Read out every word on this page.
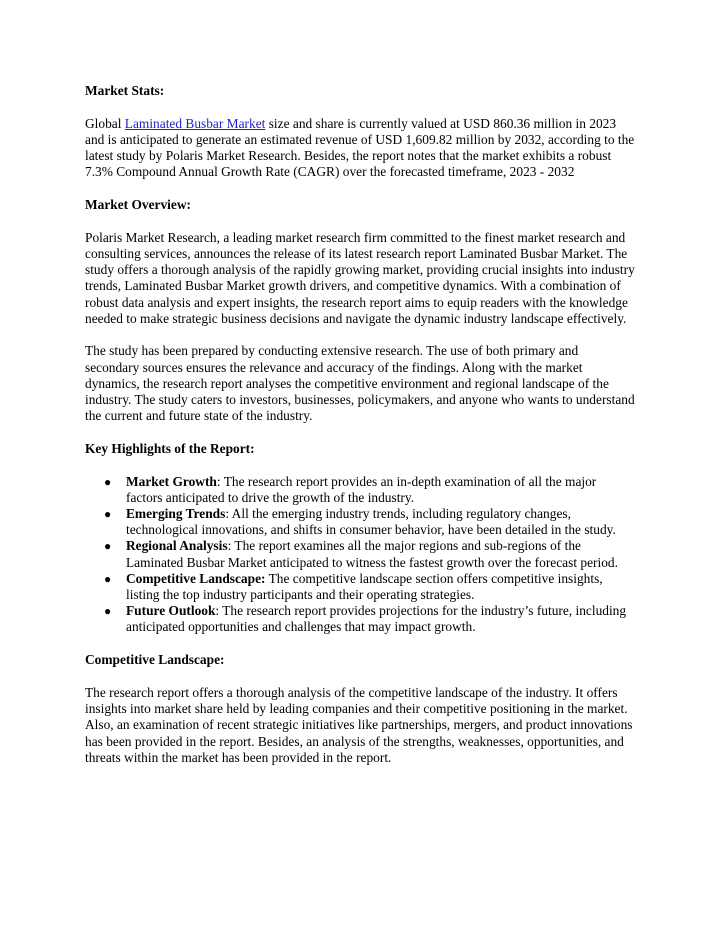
Market Stats:

Global Laminated Busbar Market size and share is currently valued at USD 860.36 million in 2023 and is anticipated to generate an estimated revenue of USD 1,609.82 million by 2032, according to the latest study by Polaris Market Research. Besides, the report notes that the market exhibits a robust 7.3% Compound Annual Growth Rate (CAGR) over the forecasted timeframe, 2023 - 2032

Market Overview:

Polaris Market Research, a leading market research firm committed to the finest market research and consulting services, announces the release of its latest research report Laminated Busbar Market. The study offers a thorough analysis of the rapidly growing market, providing crucial insights into industry trends, Laminated Busbar Market growth drivers, and competitive dynamics. With a combination of robust data analysis and expert insights, the research report aims to equip readers with the knowledge needed to make strategic business decisions and navigate the dynamic industry landscape effectively.

The study has been prepared by conducting extensive research. The use of both primary and secondary sources ensures the relevance and accuracy of the findings. Along with the market dynamics, the research report analyses the competitive environment and regional landscape of the industry. The study caters to investors, businesses, policymakers, and anyone who wants to understand the current and future state of the industry.

Key Highlights of the Report:
● Market Growth: The research report provides an in-depth examination of all the major factors anticipated to drive the growth of the industry.
● Emerging Trends: All the emerging industry trends, including regulatory changes, technological innovations, and shifts in consumer behavior, have been detailed in the study.
● Regional Analysis: The report examines all the major regions and sub-regions of the Laminated Busbar Market anticipated to witness the fastest growth over the forecast period.
● Competitive Landscape: The competitive landscape section offers competitive insights, listing the top industry participants and their operating strategies.
● Future Outlook: The research report provides projections for the industry’s future, including anticipated opportunities and challenges that may impact growth.
Competitive Landscape:

The research report offers a thorough analysis of the competitive landscape of the industry. It offers insights into market share held by leading companies and their competitive positioning in the market. Also, an examination of recent strategic initiatives like partnerships, mergers, and product innovations has been provided in the report. Besides, an analysis of the strengths, weaknesses, opportunities, and threats within the market has been provided in the report.
